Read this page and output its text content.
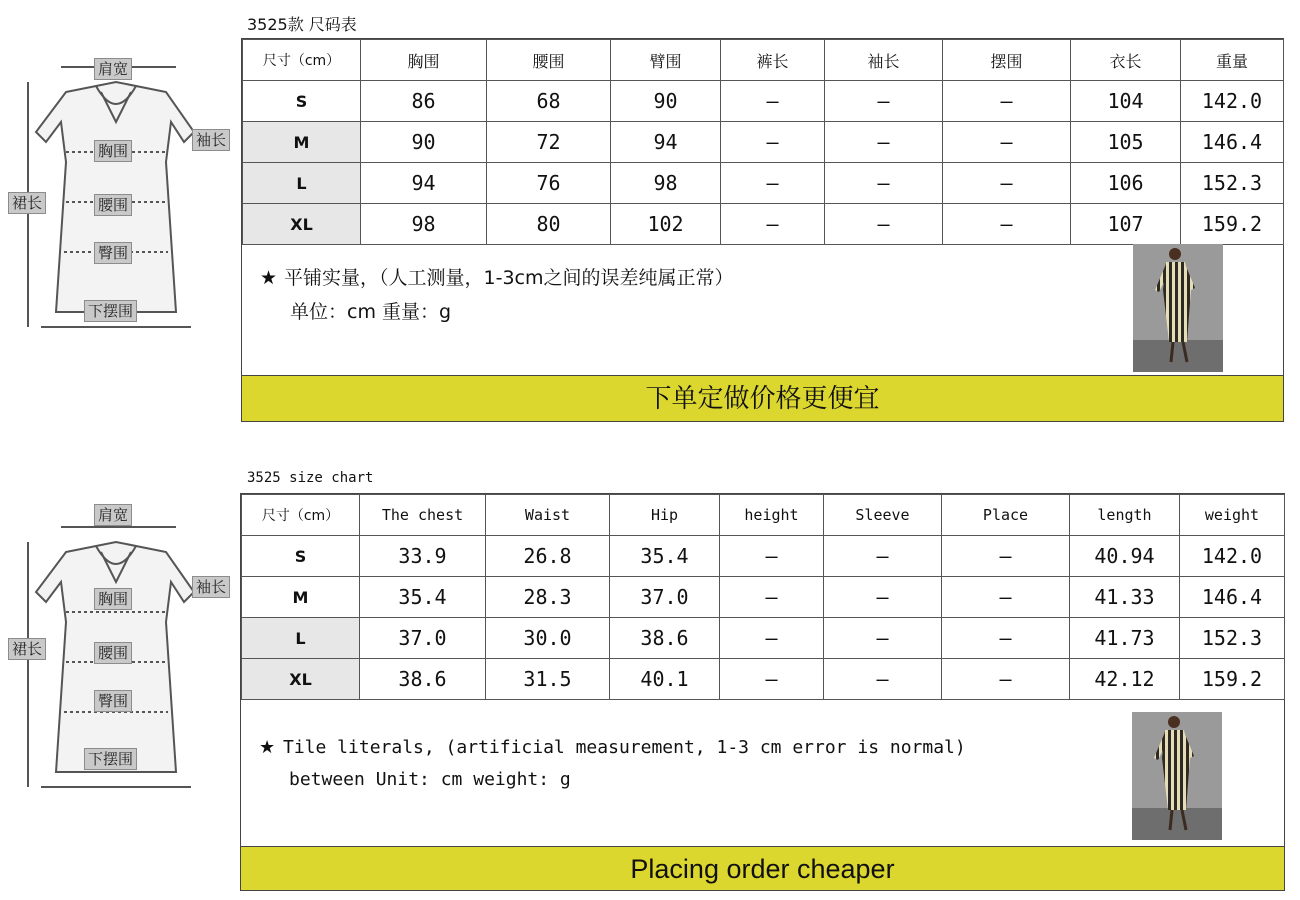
肩宽
袖长
胸围
裙长	腰围
臀围
下摆围
3525款 尺码表
尺寸（cm）	胸围	腰围	臂围	裤长	袖长	摆围	衣长	重量
S	86	68	90	—	—	—	104	142.0
M	90	72	94	—	—	—	105	146.4
L	94	76	98	—	—	—	106	152.3
XL	98	80	102	—	—	—	107	159.2
★ 平铺实量，（人工测量，1-3cm之间的误差纯属正常）
单位：cm 重量：g
下单定做价格更便宜
肩宽
袖长
胸围
裙长	腰围
臀围
下摆围
3525 size chart
尺寸（cm）	The chest	Waist	Hip	height	Sleeve	Place	length	weight
S	33.9	26.8	35.4	—	—	—	40.94	142.0
M	35.4	28.3	37.0	—	—	—	41.33	146.4
L	37.0	30.0	38.6	—	—	—	41.73	152.3
XL	38.6	31.5	40.1	—	—	—	42.12	159.2
★ Tile literals, (artificial measurement, 1-3 cm error is normal)
between Unit: cm weight: g
Placing order cheaper
